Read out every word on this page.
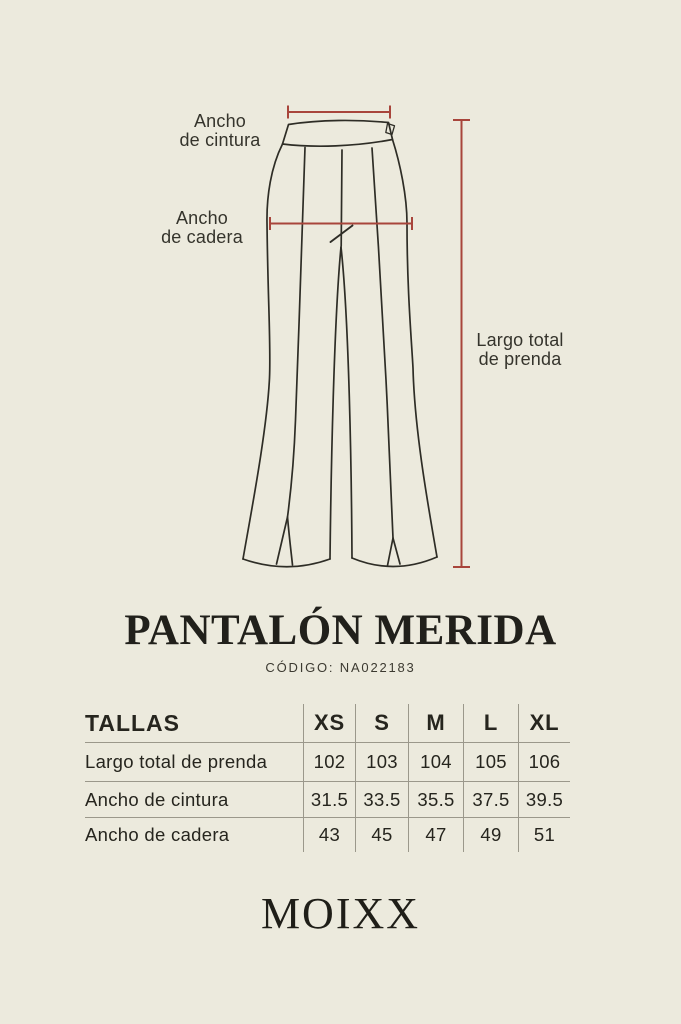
Ancho
de cintura
Ancho
de cadera
Largo total
de prenda
PANTALÓN MERIDA
CÓDIGO: NA022183
TALLAS	XS	S	M	L	XL
Largo total de prenda	102	103	104	105	106
Ancho de cintura	31.5 33.5 35.5 37.5 39.5
Ancho de cadera	43	45	47	49	51
MOIXX
